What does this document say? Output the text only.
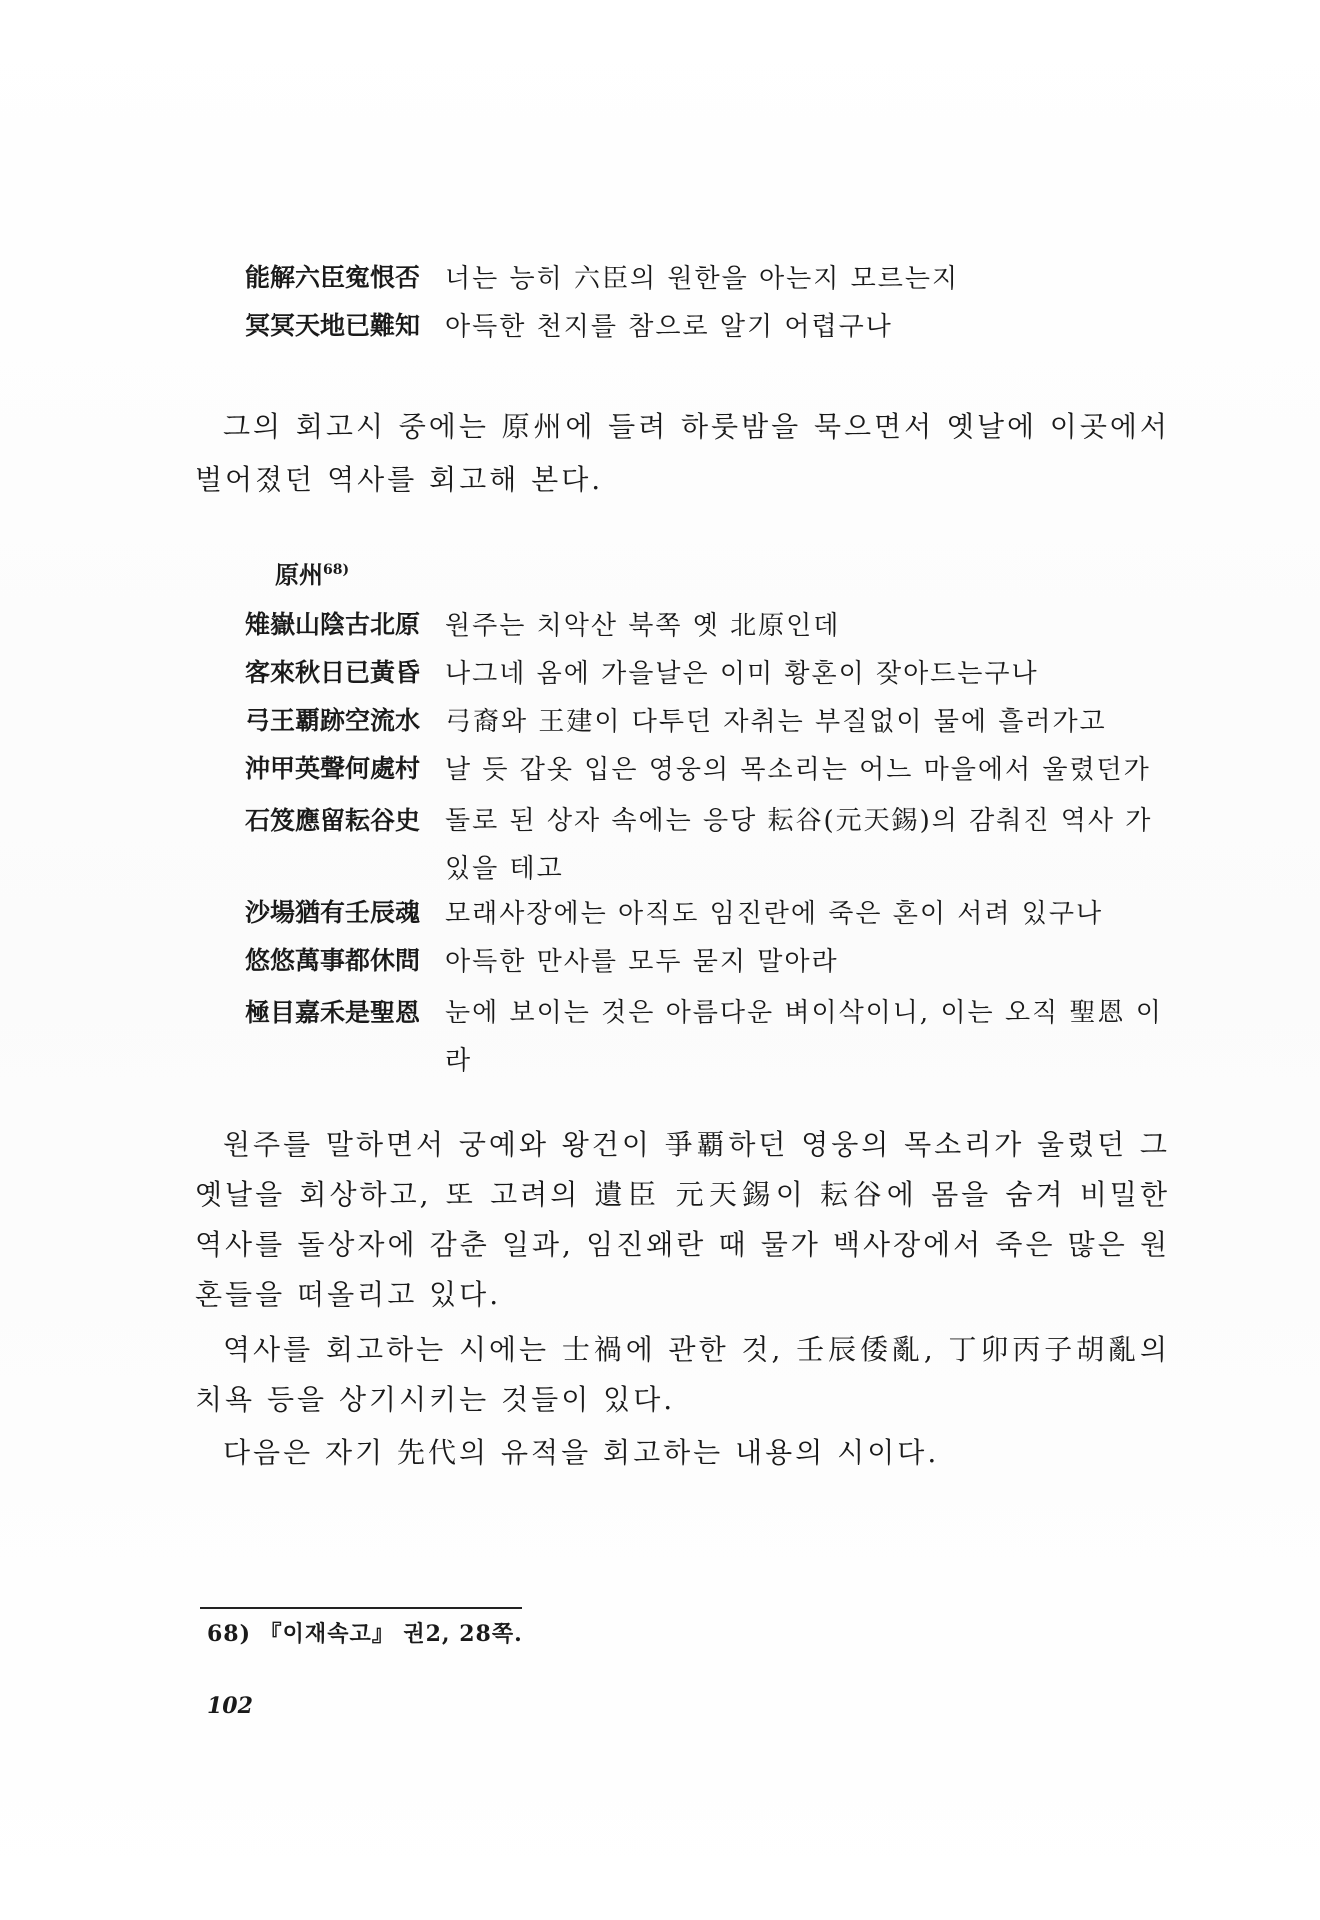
能解六臣寃恨否 너는 능히 六臣의 원한을 아는지 모르는지
冥冥天地已難知 아득한 천지를 참으로 알기 어렵구나
그의 회고시 중에는 原州에 들려 하룻밤을 묵으면서 옛날에 이곳에서 벌어졌던 역사를 회고해 본다.
原州$^{68)}$
雉嶽山陰古北原 원주는 치악산 북쪽 옛 北原인데
客來秋日已黃昏 나그네 옴에 가을날은 이미 황혼이 잦아드는구나
弓王覇跡空流水 弓裔와 王建이 다투던 자취는 부질없이 물에 흘러가고
沖甲英聲何處村 날 듯 갑옷 입은 영웅의 목소리는 어느 마을에서 울렸던가
石笈應留耘谷史 돌로 된 상자 속에는 응당 耘谷(元天錫)의 감춰진 역사 가 있을 테고
沙場猶有壬辰魂 모래사장에는 아직도 임진란에 죽은 혼이 서려 있구나
悠悠萬事都休問 아득한 만사를 모두 묻지 말아라
極目嘉禾是聖恩 눈에 보이는 것은 아름다운 벼이삭이니, 이는 오직 聖恩 이라
원주를 말하면서 궁예와 왕건이 爭覇하던 영웅의 목소리가 울렸던 그 옛날을 회상하고, 또 고려의 遺臣 元天錫이 耘谷에 몸을 숨겨 비밀한 역사를 돌상자에 감춘 일과, 임진왜란 때 물가 백사장에서 죽은 많은 원혼들을 떠올리고 있다.
역사를 회고하는 시에는 士禍에 관한 것, 壬辰倭亂, 丁卯丙子胡亂의 치욕 등을 상기시키는 것들이 있다.
다음은 자기 先代의 유적을 회고하는 내용의 시이다.
68) 『이재속고』 권2, 28쪽.
102
